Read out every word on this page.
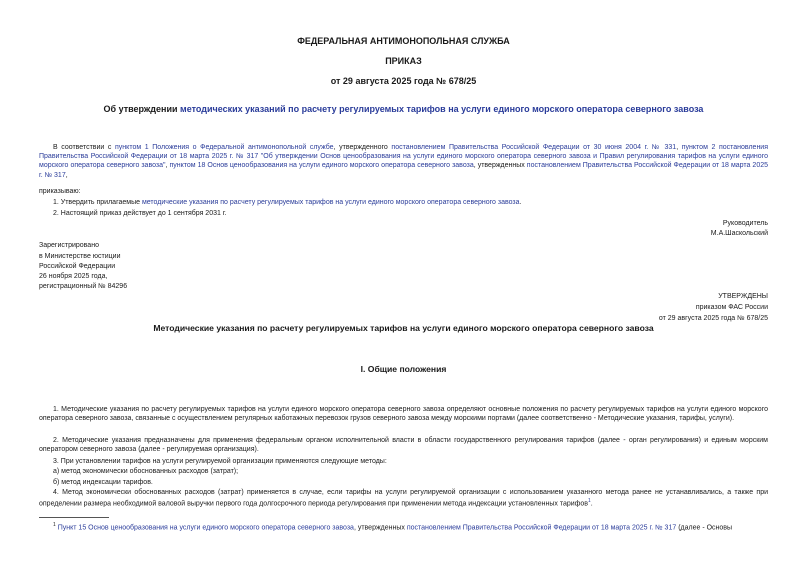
ФЕДЕРАЛЬНАЯ АНТИМОНОПОЛЬНАЯ СЛУЖБА
ПРИКАЗ
от 29 августа 2025 года № 678/25
Об утверждении методических указаний по расчету регулируемых тарифов на услуги единого морского оператора северного завоза
В соответствии с пунктом 1 Положения о Федеральной антимонопольной службе, утвержденного постановлением Правительства Российской Федерации от 30 июня 2004 г. № 331, пунктом 2 постановления Правительства Российской Федерации от 18 марта 2025 г. № 317 "Об утверждении Основ ценообразования на услуги единого морского оператора северного завоза и Правил регулирования тарифов на услуги единого морского оператора северного завоза", пунктом 18 Основ ценообразования на услуги единого морского оператора северного завоза, утвержденных постановлением Правительства Российской Федерации от 18 марта 2025 г. № 317,
приказываю:
1. Утвердить прилагаемые методические указания по расчету регулируемых тарифов на услуги единого морского оператора северного завоза.
2. Настоящий приказ действует до 1 сентября 2031 г.
Руководитель
М.А.Шаскольский
Зарегистрировано
в Министерстве юстиции
Российской Федерации
26 ноября 2025 года,
регистрационный № 84296
УТВЕРЖДЕНЫ
приказом ФАС России
от 29 августа 2025 года № 678/25
Методические указания по расчету регулируемых тарифов на услуги единого морского оператора северного завоза
I. Общие положения
1. Методические указания по расчету регулируемых тарифов на услуги единого морского оператора северного завоза определяют основные положения по расчету регулируемых тарифов на услуги единого морского оператора северного завоза, связанные с осуществлением регулярных каботажных перевозок грузов северного завоза между морскими портами (далее соответственно - Методические указания, тарифы, услуги).
2. Методические указания предназначены для применения федеральным органом исполнительной власти в области государственного регулирования тарифов (далее - орган регулирования) и единым морским оператором северного завоза (далее - регулируемая организация).
3. При установлении тарифов на услуги регулируемой организации применяются следующие методы:
а) метод экономически обоснованных расходов (затрат);
б) метод индексации тарифов.
4. Метод экономически обоснованных расходов (затрат) применяется в случае, если тарифы на услуги регулируемой организации с использованием указанного метода ранее не устанавливались, а также при определении размера необходимой валовой выручки первого года долгосрочного периода регулирования при применении метода индексации установленных тарифов$^1$.
$^1$ Пункт 15 Основ ценообразования на услуги единого морского оператора северного завоза, утвержденных постановлением Правительства Российской Федерации от 18 марта 2025 г. № 317 (далее - Основы
